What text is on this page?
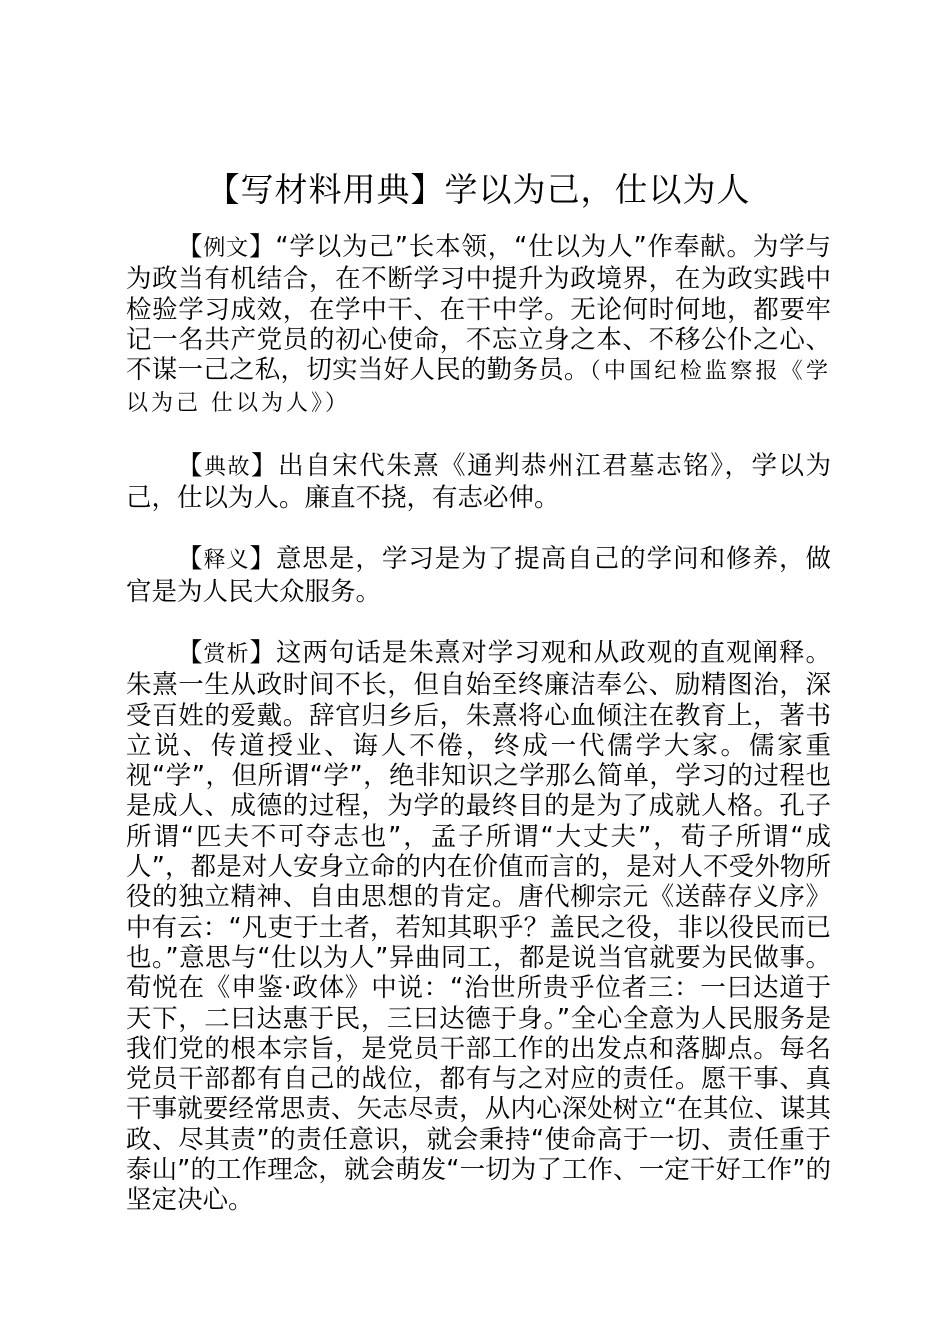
【写材料用典】学以为己，仕以为人

【例文】“学以为己”长本领，“仕以为人”作奉献。为学与为政当有机结合，在不断学习中提升为政境界，在为政实践中检验学习成效，在学中干、在干中学。无论何时何地，都要牢记一名共产党员的初心使命，不忘立身之本、不移公仆之心、不谋一己之私，切实当好人民的勤务员。（中国纪检监察报《学以为己 仕以为人》）

【典故】出自宋代朱熹《通判恭州江君墓志铭》，学以为己，仕以为人。廉直不挠，有志必伸。

【释义】意思是，学习是为了提高自己的学问和修养，做官是为人民大众服务。

【赏析】这两句话是朱熹对学习观和从政观的直观阐释。朱熹一生从政时间不长，但自始至终廉洁奉公、励精图治，深受百姓的爱戴。辞官归乡后，朱熹将心血倾注在教育上，著书立说、传道授业、诲人不倦，终成一代儒学大家。儒家重视“学”，但所谓“学”，绝非知识之学那么简单，学习的过程也是成人、成德的过程，为学的最终目的是为了成就人格。孔子所谓“匹夫不可夺志也”，孟子所谓“大丈夫”，荀子所谓“成人”，都是对人安身立命的内在价值而言的，是对人不受外物所役的独立精神、自由思想的肯定。唐代柳宗元《送薛存义序》中有云：“凡吏于土者，若知其职乎？盖民之役，非以役民而已也。”意思与“仕以为人”异曲同工，都是说当官就要为民做事。荀悦在《申鉴·政体》中说：“治世所贵乎位者三：一曰达道于天下，二曰达惠于民，三曰达德于身。”全心全意为人民服务是我们党的根本宗旨，是党员干部工作的出发点和落脚点。每名党员干部都有自己的战位，都有与之对应的责任。愿干事、真干事就要经常思责、矢志尽责，从内心深处树立“在其位、谋其政、尽其责”的责任意识，就会秉持“使命高于一切、责任重于泰山”的工作理念，就会萌发“一切为了工作、一定干好工作”的坚定决心。
